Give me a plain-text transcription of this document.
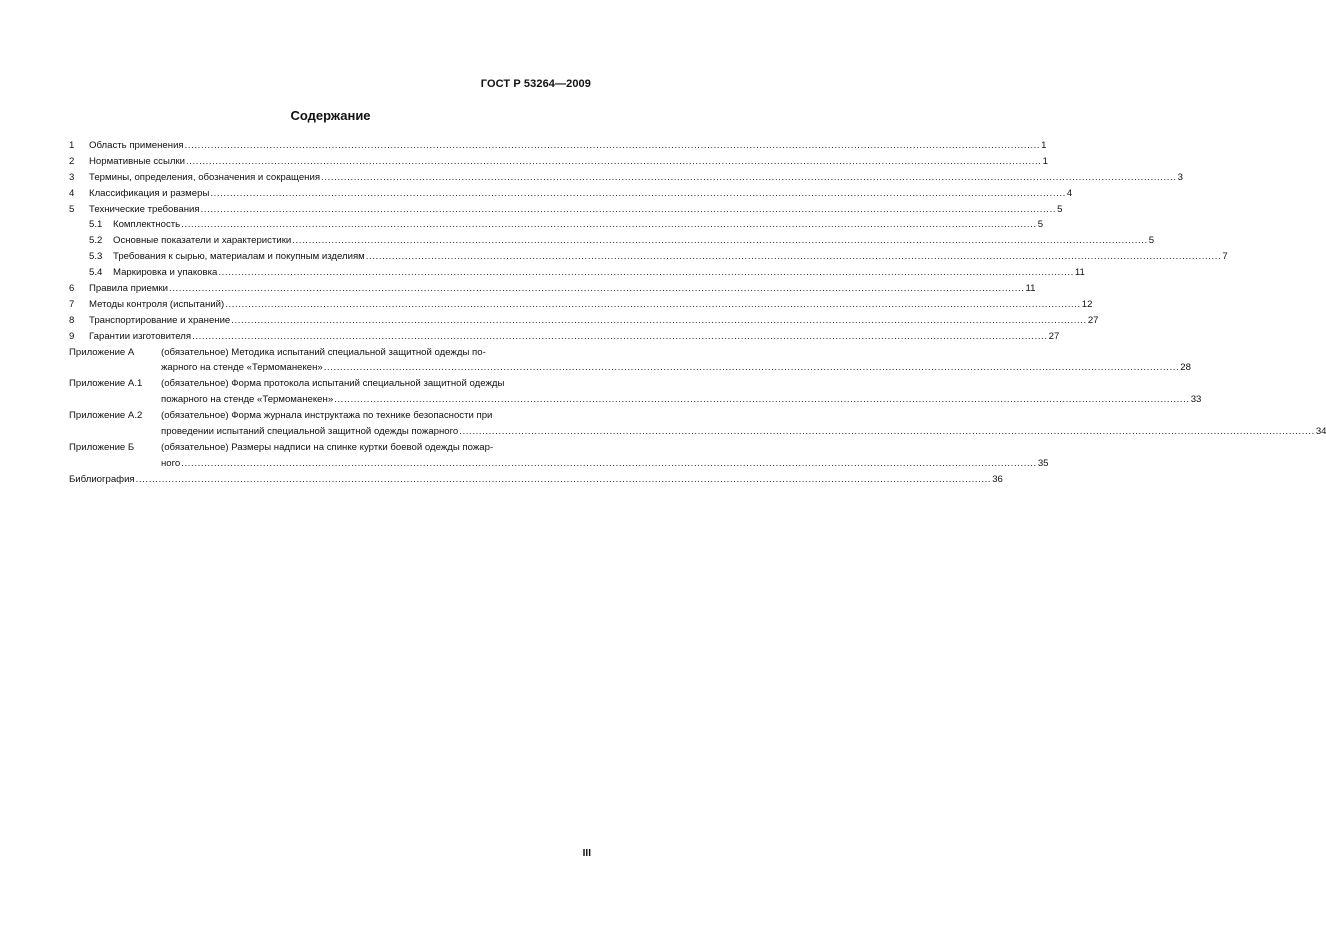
ГОСТ Р 53264—2009
Содержание
1	Область применения .....	1
2	Нормативные ссылки .....	1
3	Термины, определения, обозначения и сокращения .....	3
4	Классификация и размеры .....	4
5	Технические требования .....	5
5.1	Комплектность .....	5
5.2	Основные показатели и характеристики .....	5
5.3	Требования к сырью, материалам и покупным изделиям .....	7
5.4	Маркировка и упаковка .....	11
6	Правила приемки .....	11
7	Методы контроля (испытаний) .....	12
8	Транспортирование и хранение .....	27
9	Гарантии изготовителя .....	27
Приложение А	(обязательное) Методика испытаний специальной защитной одежды по-
жарного на стенде «Термоманекен» .....	28
Приложение А.1	(обязательное) Форма протокола испытаний специальной защитной одежды
пожарного на стенде «Термоманекен» .....	33
Приложение А.2	(обязательное) Форма журнала инструктажа по технике безопасности при
проведении испытаний специальной защитной одежды пожарного .....	34
Приложение Б	(обязательное) Размеры надписи на спинке куртки боевой одежды пожар-
ного .....	35
Библиография .....	36
III
